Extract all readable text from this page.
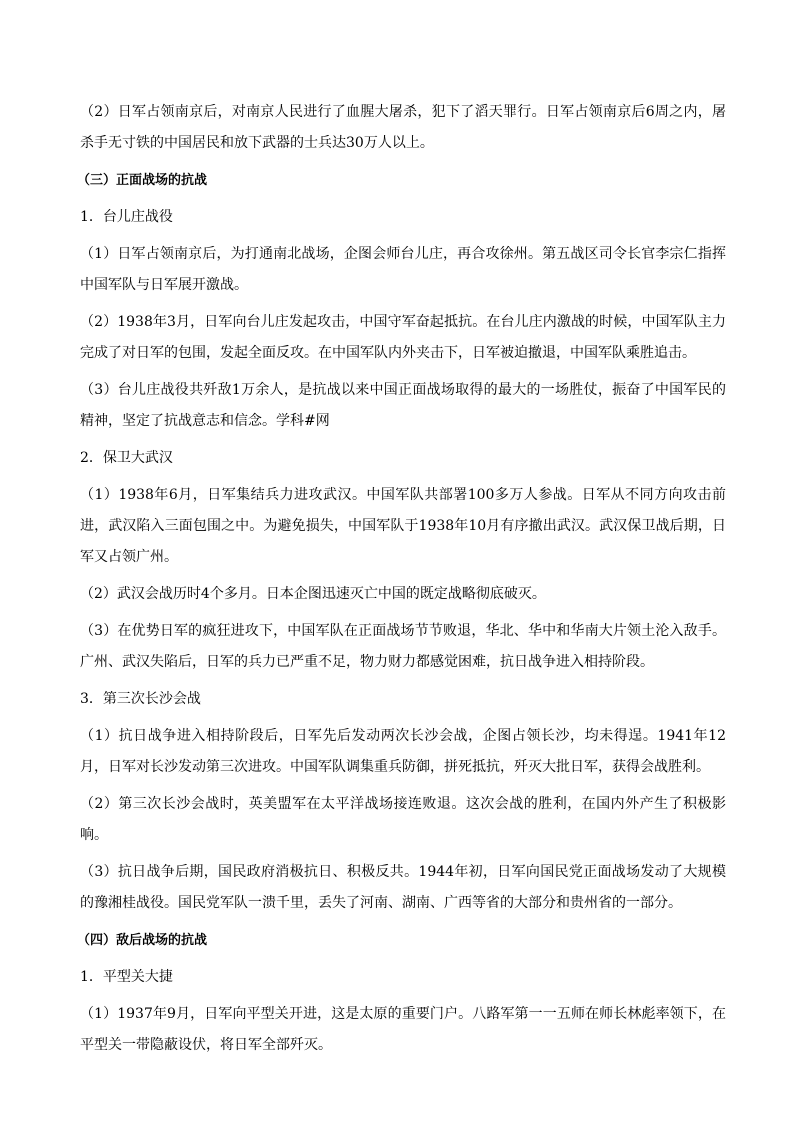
（2）日军占领南京后，对南京人民进行了血腥大屠杀，犯下了滔天罪行。日军占领南京后6周之内，屠杀手无寸铁的中国居民和放下武器的士兵达30万人以上。

（三）正面战场的抗战

1．台儿庄战役

（1）日军占领南京后，为打通南北战场，企图会师台儿庄，再合攻徐州。第五战区司令长官李宗仁指挥中国军队与日军展开激战。

（2）1938年3月，日军向台儿庄发起攻击，中国守军奋起抵抗。在台儿庄内激战的时候，中国军队主力完成了对日军的包围，发起全面反攻。在中国军队内外夹击下，日军被迫撤退，中国军队乘胜追击。

（3）台儿庄战役共歼敌1万余人，是抗战以来中国正面战场取得的最大的一场胜仗，振奋了中国军民的精神，坚定了抗战意志和信念。学科#网

2．保卫大武汉

（1）1938年6月，日军集结兵力进攻武汉。中国军队共部署100多万人参战。日军从不同方向攻击前进，武汉陷入三面包围之中。为避免损失，中国军队于1938年10月有序撤出武汉。武汉保卫战后期，日军又占领广州。

（2）武汉会战历时4个多月。日本企图迅速灭亡中国的既定战略彻底破灭。

（3）在优势日军的疯狂进攻下，中国军队在正面战场节节败退，华北、华中和华南大片领土沦入敌手。广州、武汉失陷后，日军的兵力已严重不足，物力财力都感觉困难，抗日战争进入相持阶段。

3．第三次长沙会战

（1）抗日战争进入相持阶段后，日军先后发动两次长沙会战，企图占领长沙，均未得逞。1941年12月，日军对长沙发动第三次进攻。中国军队调集重兵防御，拼死抵抗，歼灭大批日军，获得会战胜利。

（2）第三次长沙会战时，英美盟军在太平洋战场接连败退。这次会战的胜利，在国内外产生了积极影响。

（3）抗日战争后期，国民政府消极抗日、积极反共。1944年初，日军向国民党正面战场发动了大规模的豫湘桂战役。国民党军队一溃千里，丢失了河南、湖南、广西等省的大部分和贵州省的一部分。

（四）敌后战场的抗战

1．平型关大捷

（1）1937年9月，日军向平型关开进，这是太原的重要门户。八路军第一一五师在师长林彪率领下，在平型关一带隐蔽设伏，将日军全部歼灭。
